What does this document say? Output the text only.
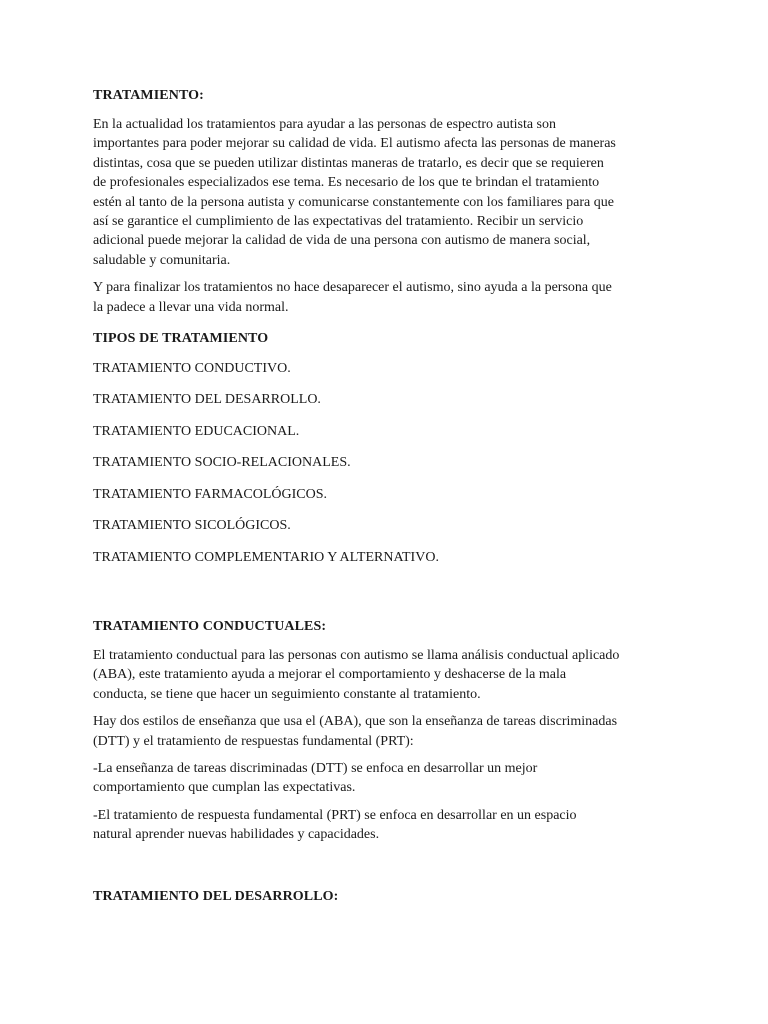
TRATAMIENTO:
En la actualidad los tratamientos para ayudar a las personas de espectro autista son
importantes para poder mejorar su calidad de vida. El autismo afecta las personas de maneras
distintas, cosa que se pueden utilizar distintas maneras de tratarlo, es decir que se requieren
de profesionales especializados ese tema. Es necesario de los que te brindan el tratamiento
estén al tanto de la persona autista y comunicarse constantemente con los familiares para que
así se garantice el cumplimiento de las expectativas del tratamiento. Recibir un servicio
adicional puede mejorar la calidad de vida de una persona con autismo de manera social,
saludable y comunitaria.
Y para finalizar los tratamientos no hace desaparecer el autismo, sino ayuda a la persona que
la padece a llevar una vida normal.
TIPOS DE TRATAMIENTO
TRATAMIENTO CONDUCTIVO.
TRATAMIENTO DEL DESARROLLO.
TRATAMIENTO EDUCACIONAL.
TRATAMIENTO SOCIO-RELACIONALES.
TRATAMIENTO FARMACOLÓGICOS.
TRATAMIENTO SICOLÓGICOS.
TRATAMIENTO COMPLEMENTARIO Y ALTERNATIVO.
TRATAMIENTO CONDUCTUALES:
El tratamiento conductual para las personas con autismo se llama análisis conductual aplicado
(ABA), este tratamiento ayuda a mejorar el comportamiento y deshacerse de la mala
conducta, se tiene que hacer un seguimiento constante al tratamiento.
Hay dos estilos de enseñanza que usa el (ABA), que son la enseñanza de tareas discriminadas
(DTT) y el tratamiento de respuestas fundamental (PRT):
-La enseñanza de tareas discriminadas (DTT) se enfoca en desarrollar un mejor
comportamiento que cumplan las expectativas.
-El tratamiento de respuesta fundamental (PRT) se enfoca en desarrollar en un espacio
natural aprender nuevas habilidades y capacidades.
TRATAMIENTO DEL DESARROLLO:
